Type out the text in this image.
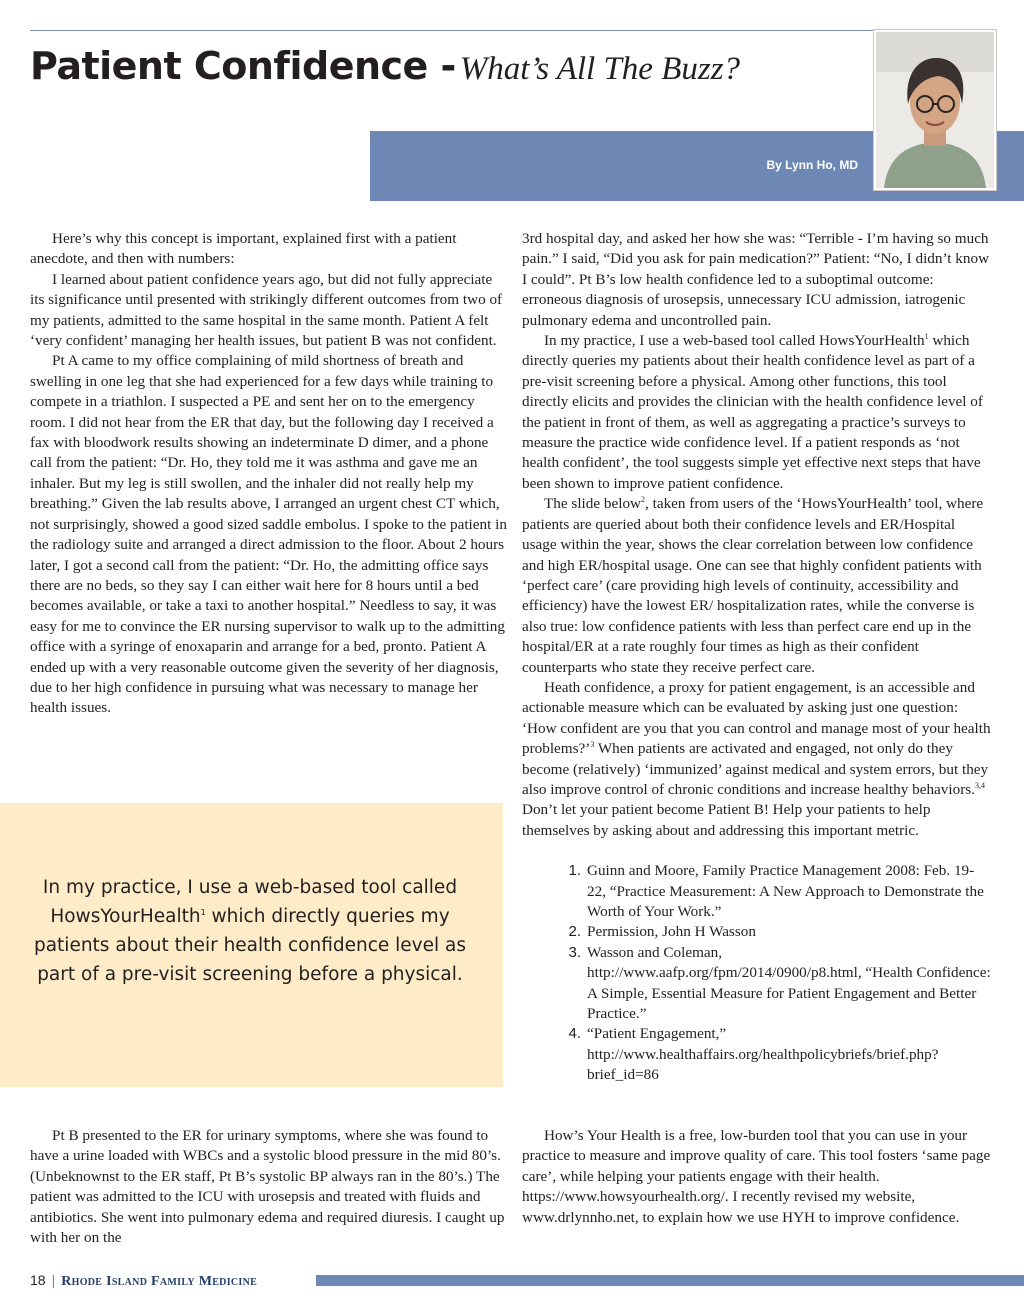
Patient Confidence - What’s All The Buzz?
By Lynn Ho, MD

Here’s why this concept is important, explained first with a patient anecdote, and then with numbers:

I learned about patient confidence years ago, but did not fully appreciate its significance until presented with strikingly different outcomes from two of my patients, admitted to the same hospital in the same month. Patient A felt ‘very confident’ managing her health issues, but patient B was not confident.

Pt A came to my office complaining of mild shortness of breath and swelling in one leg that she had experienced for a few days while training to compete in a triathlon. I suspected a PE and sent her on to the emergency room. I did not hear from the ER that day, but the following day I received a fax with bloodwork results showing an indeterminate D dimer, and a phone call from the patient: “Dr. Ho, they told me it was asthma and gave me an inhaler. But my leg is still swollen, and the inhaler did not really help my breathing.” Given the lab results above, I arranged an urgent chest CT which, not surprisingly, showed a good sized saddle embolus. I spoke to the patient in the radiology suite and arranged a direct admission to the floor. About 2 hours later, I got a second call from the patient: “Dr. Ho, the admitting office says there are no beds, so they say I can either wait here for 8 hours until a bed becomes available, or take a taxi to another hospital.” Needless to say, it was easy for me to convince the ER nursing supervisor to walk up to the admitting office with a syringe of enoxaparin and arrange for a bed, pronto. Patient A ended up with a very reasonable outcome given the severity of her diagnosis, due to her high confidence in pursuing what was necessary to manage her health issues.

In my practice, I use a web-based tool called HowsYourHealth$^1$ which directly queries my patients about their health confidence level as part of a pre-visit screening before a physical.

3rd hospital day, and asked her how she was: “Terrible - I’m having so much pain.” I said, “Did you ask for pain medication?” Patient: “No, I didn’t know I could”. Pt B’s low health confidence led to a suboptimal outcome: erroneous diagnosis of urosepsis, unnecessary ICU admission, iatrogenic pulmonary edema and uncontrolled pain.

In my practice, I use a web-based tool called HowsYourHealth$^1$ which directly queries my patients about their health confidence level as part of a pre-visit screening before a physical. Among other functions, this tool directly elicits and provides the clinician with the health confidence level of the patient in front of them, as well as aggregating a practice’s surveys to measure the practice wide confidence level. If a patient responds as ‘not health confident’, the tool suggests simple yet effective next steps that have been shown to improve patient confidence.

The slide below$^2$, taken from users of the ‘HowsYourHealth’ tool, where patients are queried about both their confidence levels and ER/Hospital usage within the year, shows the clear correlation between low confidence and high ER/hospital usage. One can see that highly confident patients with ‘perfect care’ (care providing high levels of continuity, accessibility and efficiency) have the lowest ER/ hospitalization rates, while the converse is also true: low confidence patients with less than perfect care end up in the hospital/ER at a rate roughly four times as high as their confident counterparts who state they receive perfect care.

Heath confidence, a proxy for patient engagement, is an accessible and actionable measure which can be evaluated by asking just one question: ‘How confident are you that you can control and manage most of your health problems?’$^3$ When patients are activated and engaged, not only do they become (relatively) ‘immunized’ against medical and system errors, but they also improve control of chronic conditions and increase healthy behaviors.$^{3,4}$ Don’t let your patient become Patient B! Help your patients to help themselves by asking about and addressing this important metric.

1. Guinn and Moore, Family Practice Management 2008: Feb. 19-22, “Practice Measurement: A New Approach to Demonstrate the Worth of Your Work.”
2. Permission, John H Wasson
3. Wasson and Coleman, http://www.aafp.org/fpm/2014/0900/p8.html, “Health Confidence: A Simple, Essential Measure for Patient Engagement and Better Practice.”
4. “Patient Engagement,” http://www.healthaffairs.org/healthpolicybriefs/brief.php?brief_id=86

Pt B presented to the ER for urinary symptoms, where she was found to have a urine loaded with WBCs and a systolic blood pressure in the mid 80’s. (Unbeknownst to the ER staff, Pt B’s systolic BP always ran in the 80’s.) The patient was admitted to the ICU with urosepsis and treated with fluids and antibiotics. She went into pulmonary edema and required diuresis. I caught up with her on the

How’s Your Health is a free, low-burden tool that you can use in your practice to measure and improve quality of care. This tool fosters ‘same page care’, while helping your patients engage with their health. https://www.howsyourhealth.org/. I recently revised my website, www.drlynnho.net, to explain how we use HYH to improve confidence.

18 | Rhode Island Family Medicine
